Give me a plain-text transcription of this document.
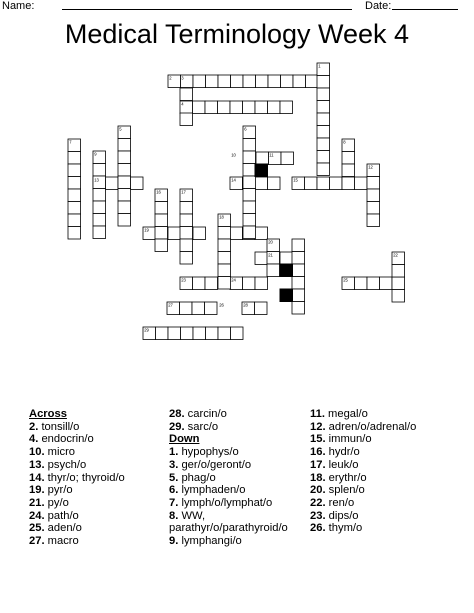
Name:	Date:
Medical Terminology Week 4
1
2 3
4
5	6
7	8
9	10	11
12
13	14	15
16	17
18
19
20
21	22
23	24	25
26
27	28
29
Across
2. tonsill/o
4. endocrin/o
10. micro
13. psych/o
14. thyr/o; thyroid/o
19. pyr/o
21. py/o
24. path/o
25. aden/o
27. macro
28. carcin/o
29. sarc/o
Down
1. hypophys/o
3. ger/o/geront/o
5. phag/o
6. lymphaden/o
7. lymph/o/lymphat/o
8. WW,
parathyr/o/parathyroid/o
9. lymphangi/o
11. megal/o
12. adren/o/adrenal/o
15. immun/o
16. hydr/o
17. leuk/o
18. erythr/o
20. splen/o
22. ren/o
23. dips/o
26. thym/o
